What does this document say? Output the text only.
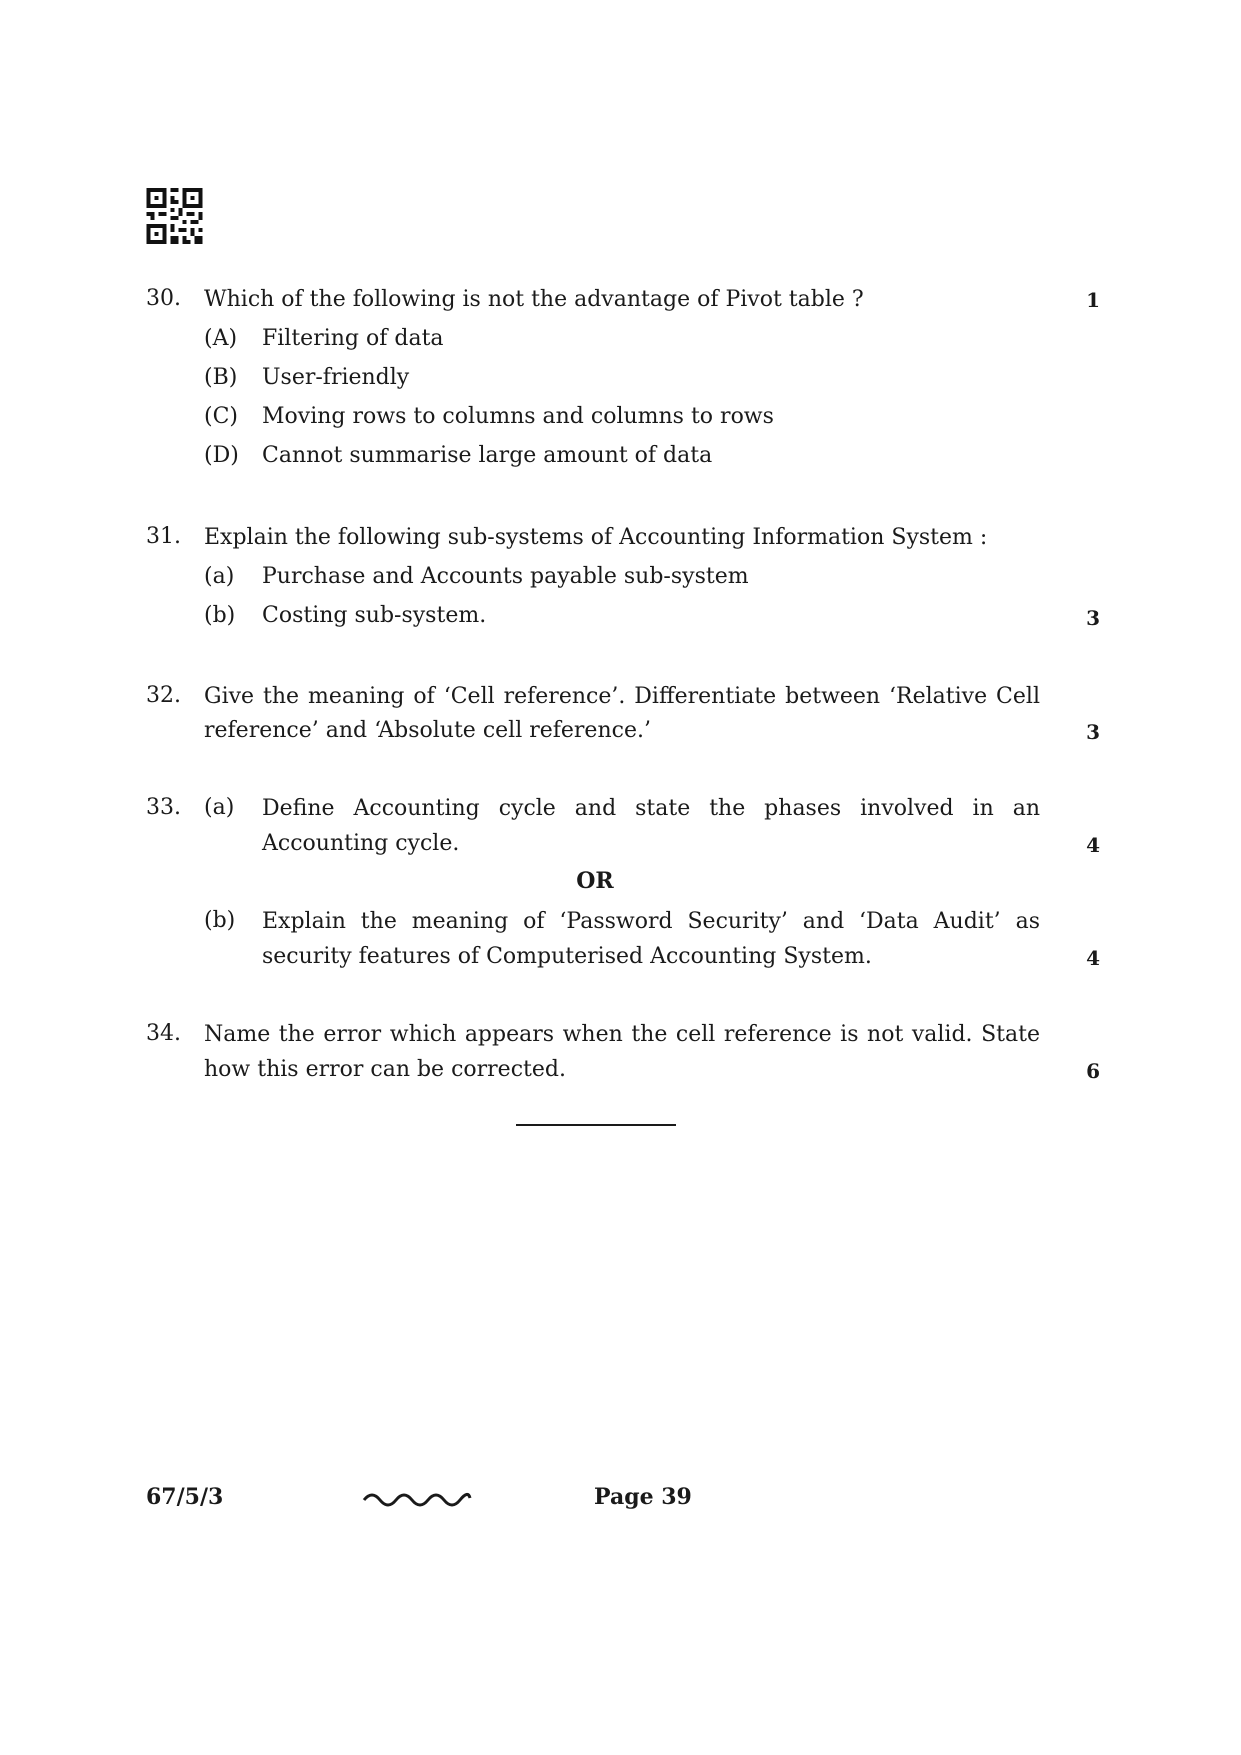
30. Which of the following is not the advantage of Pivot table ?	1
(A) Filtering of data
(B) User-friendly
(C) Moving rows to columns and columns to rows
(D) Cannot summarise large amount of data
31. Explain the following sub-systems of Accounting Information System :
(a) Purchase and Accounts payable sub-system
(b) Costing sub-system.	3
32. Give the meaning of ‘Cell reference’. Differentiate between ‘Relative Cell
reference’ and ‘Absolute cell reference.’	3
33. (a) Define Accounting cycle and state the phases involved in an
Accounting cycle.	4
OR
(b) Explain the meaning of ‘Password Security’ and ‘Data Audit’ as
security features of Computerised Accounting System.	4
34. Name the error which appears when the cell reference is not valid. State
how this error can be corrected.	6
67/5/3	Page 39
